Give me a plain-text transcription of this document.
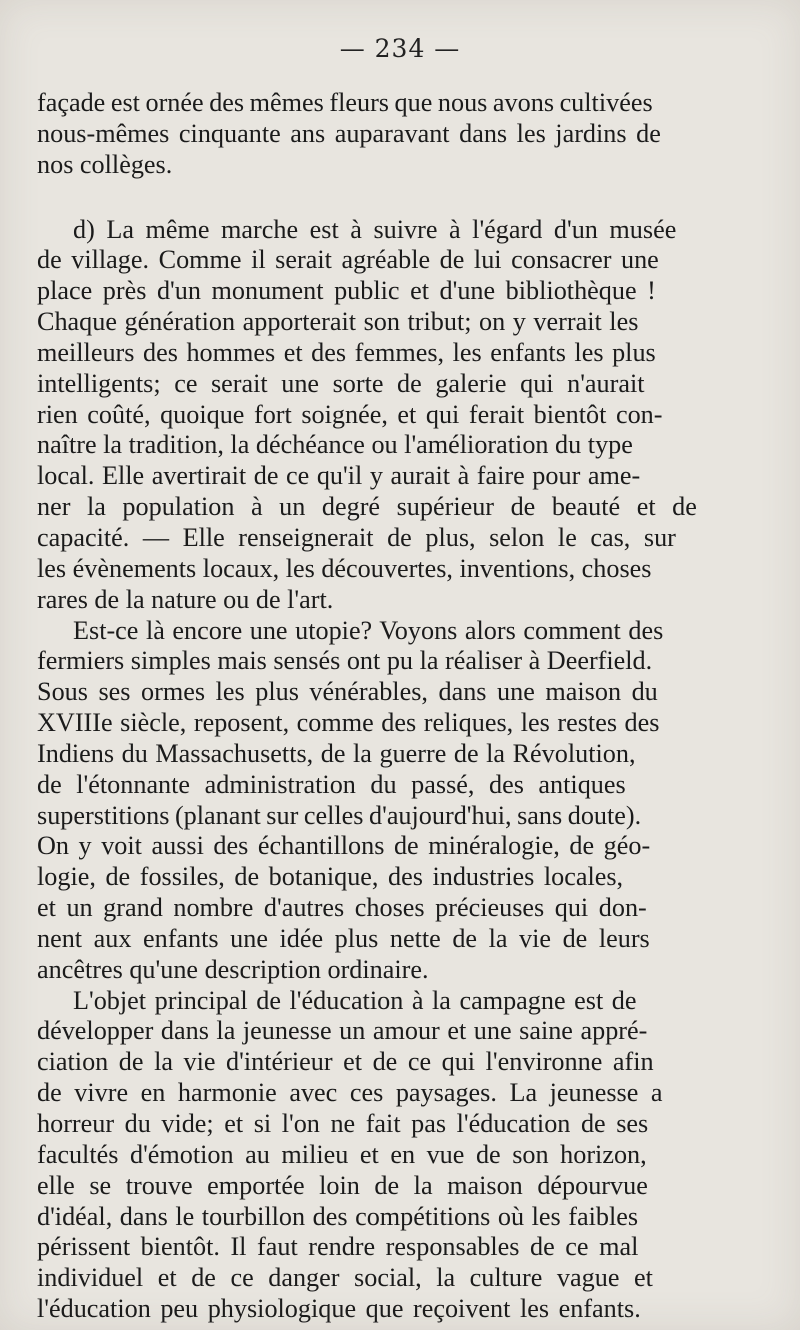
— 234 —
façade est ornée des mêmes fleurs que nous avons cultivées
nous-mêmes cinquante ans auparavant dans les jardins de
nos collèges.
d) La même marche est à suivre à l'égard d'un musée
de village. Comme il serait agréable de lui consacrer une
place près d'un monument public et d'une bibliothèque !
Chaque génération apporterait son tribut; on y verrait les
meilleurs des hommes et des femmes, les enfants les plus
intelligents; ce serait une sorte de galerie qui n'aurait
rien coûté, quoique fort soignée, et qui ferait bientôt con-
naître la tradition, la déchéance ou l'amélioration du type
local. Elle avertirait de ce qu'il y aurait à faire pour ame-
ner la population à un degré supérieur de beauté et de
capacité. — Elle renseignerait de plus, selon le cas, sur
les évènements locaux, les découvertes, inventions, choses
rares de la nature ou de l'art.
Est-ce là encore une utopie? Voyons alors comment des
fermiers simples mais sensés ont pu la réaliser à Deerfield.
Sous ses ormes les plus vénérables, dans une maison du
XVIIIe siècle, reposent, comme des reliques, les restes des
Indiens du Massachusetts, de la guerre de la Révolution,
de l'étonnante administration du passé, des antiques
superstitions (planant sur celles d'aujourd'hui, sans doute).
On y voit aussi des échantillons de minéralogie, de géo-
logie, de fossiles, de botanique, des industries locales,
et un grand nombre d'autres choses précieuses qui don-
nent aux enfants une idée plus nette de la vie de leurs
ancêtres qu'une description ordinaire.
L'objet principal de l'éducation à la campagne est de
développer dans la jeunesse un amour et une saine appré-
ciation de la vie d'intérieur et de ce qui l'environne afin
de vivre en harmonie avec ces paysages. La jeunesse a
horreur du vide; et si l'on ne fait pas l'éducation de ses
facultés d'émotion au milieu et en vue de son horizon,
elle se trouve emportée loin de la maison dépourvue
d'idéal, dans le tourbillon des compétitions où les faibles
périssent bientôt. Il faut rendre responsables de ce mal
individuel et de ce danger social, la culture vague et
l'éducation peu physiologique que reçoivent les enfants.
